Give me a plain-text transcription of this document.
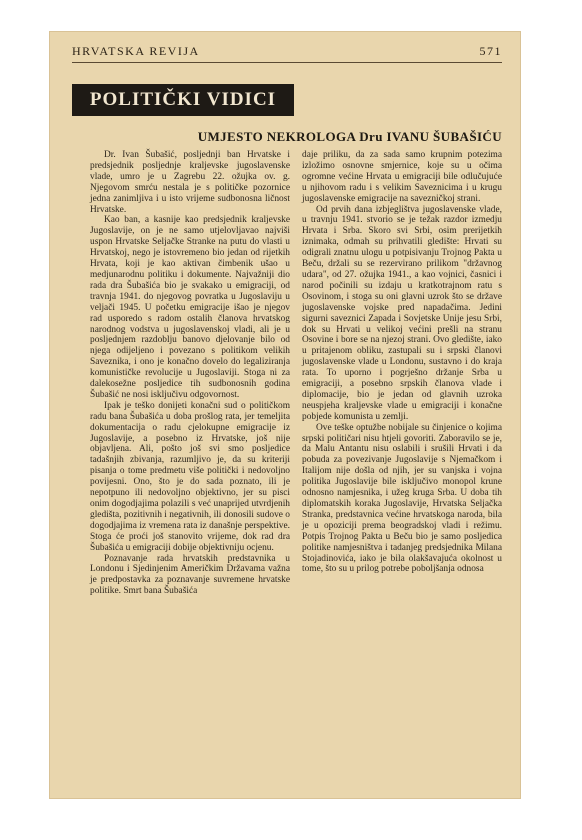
HRVATSKA REVIJA	571
POLITIČKI VIDICI
UMJESTO NEKROLOGA Dru IVANU ŠUBAŠIĆU

Dr. Ivan Šubašić, posljednji ban Hrvatske i predsjednik posljednje kraljevske jugoslavenske vlade, umro je u Zagrebu 22. ožujka ov. g. Njegovom smrću nestala je s političke pozornice jedna zanimljiva i u isto vrijeme sudbonosna ličnost Hrvatske.

Kao ban, a kasnije kao predsjednik kraljevske Jugoslavije, on je ne samo utjelovljavao najviši uspon Hrvatske Seljačke Stranke na putu do vlasti u Hrvatskoj, nego je istovremeno bio jedan od rijetkih Hrvata, koji je kao aktivan čimbenik ušao u medjunarodnu politiku i dokumente. Najvažniji dio rada dra Šubašića bio je svakako u emigraciji, od travnja 1941. do njegovog povratka u Jugoslaviju u veljači 1945. U početku emigracije išao je njegov rad usporedo s radom ostalih članova hrvatskog narodnog vodstva u jugoslavenskoj vladi, ali je u posljednjem razdoblju banovo djelovanje bilo od njega odijeljeno i povezano s politikom velikih Saveznika, i ono je konačno dovelo do legaliziranja komunističke revolucije u Jugoslaviji. Stoga ni za dalekosežne posljedice tih sudbonosnih godina Šubašić ne nosi isključivu odgovornost.

Ipak je teško donijeti konačni sud o političkom radu bana Šubašića u doba prošlog rata, jer temeljita dokumentacija o radu cjelokupne emigracije iz Jugoslavije, a posebno iz Hrvatske, još nije objavljena. Ali, pošto još svi smo posljedice tadašnjih zbivanja, razumljivo je, da su kriteriji pisanja o tome predmetu više politički i nedovoljno povijesni. Ono, što je do sada poznato, ili je nepotpuno ili nedovoljno objektivno, jer su pisci onim dogodjajima polazili s već unaprijed utvrdjenih gledišta, pozitivnih i negativnih, ili donosili sudove o dogodjajima iz vremena rata iz današnje perspektive. Stoga će proći još stanovito vrijeme, dok rad dra Šubašića u emigraciji dobije objektivniju ocjenu.

Poznavanje rada hrvatskih predstavnika u Londonu i Sjedinjenim Američkim Državama važna je predpostavka za poznavanje suvremene hrvatske politike. Smrt bana Šubašića

daje priliku, da za sada samo krupnim potezima izložimo osnovne smjernice, koje su u očima ogromne većine Hrvata u emigraciji bile odlučujuće u njihovom radu i s velikim Saveznicima i u krugu jugoslavenske emigracije na savezničkoj strani.

Od prvih dana izbjeglištva jugoslavenske vlade, u travnju 1941. stvorio se je težak razdor izmedju Hrvata i Srba. Skoro svi Srbi, osim prerijetkih iznimaka, odmah su prihvatili gledište: Hrvati su odigrali znatnu ulogu u potpisivanju Trojnog Pakta u Beču, držali su se rezervirano prilikom "državnog udara", od 27. ožujka 1941., a kao vojnici, časnici i narod počinili su izdaju u kratkotrajnom ratu s Osovinom, i stoga su oni glavni uzrok što se države jugoslavenske vojske pred napadačima. Jedini sigurni saveznici Zapada i Sovjetske Unije jesu Srbi, dok su Hrvati u velikoj većini prešli na stranu Osovine i bore se na njezoj strani. Ovo gledište, iako u pritajenom obliku, zastupali su i srpski članovi jugoslavenske vlade u Londonu, sustavno i do kraja rata. To uporno i pogrješno držanje Srba u emigraciji, a posebno srpskih članova vlade i diplomacije, bio je jedan od glavnih uzroka neuspjeha kraljevske vlade u emigraciji i konačne pobjede komunista u zemlji.

Ove teške optužbe nobijale su činjenice o kojima srpski političari nisu htjeli govoriti. Zaboravilo se je, da Malu Antantu nisu oslabili i srušili Hrvati i da pobuda za povezivanje Jugoslavije s Njemačkom i Italijom nije došla od njih, jer su vanjska i vojna politika Jugoslavije bile isključivo monopol krune odnosno namjesnika, i užeg kruga Srba. U doba tih diplomatskih koraka Jugoslavije, Hrvatska Seljačka Stranka, predstavnica većine hrvatskoga naroda, bila je u opoziciji prema beogradskoj vladi i režimu. Potpis Trojnog Pakta u Beču bio je samo posljedica politike namjesništva i tadanjeg predsjednika Milana Stojadinovića, iako je bila olakšavajuća okolnost u tome, što su u prilog potrebe poboljšanja odnosa
